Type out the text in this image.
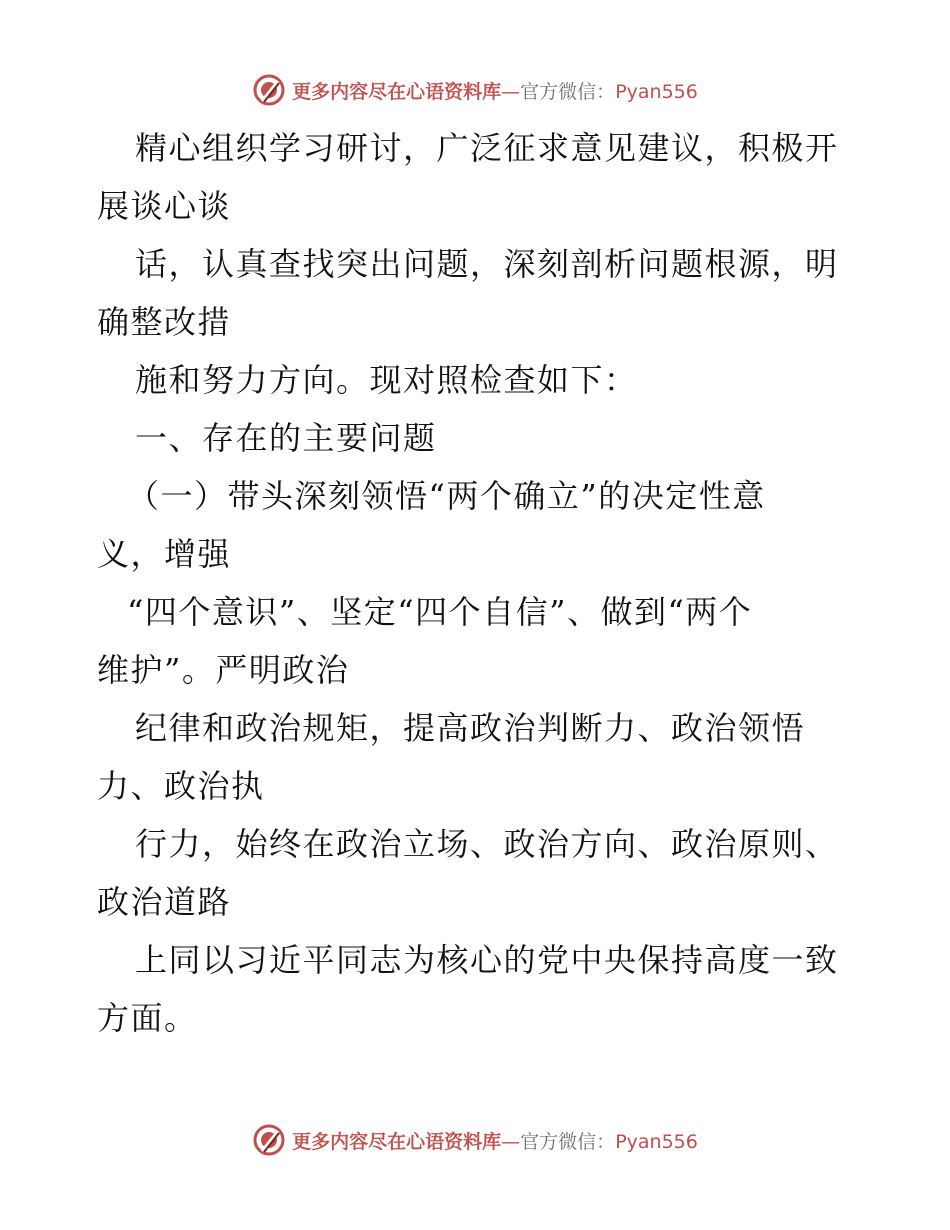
更多内容尽在心语资料库—官方微信：Pyan556
精心组织学习研讨，广泛征求意见建议，积极开
展谈心谈
话，认真查找突出问题，深刻剖析问题根源，明
确整改措
施和努力方向。现对照检查如下：
一、存在的主要问题
（一）带头深刻领悟“两个确立”的决定性意
义，增强
“四个意识”、坚定“四个自信”、做到“两个
维护”。严明政治
纪律和政治规矩，提高政治判断力、政治领悟
力、政治执
行力，始终在政治立场、政治方向、政治原则、
政治道路
上同以习近平同志为核心的党中央保持高度一致
方面。
更多内容尽在心语资料库—官方微信：Pyan556
